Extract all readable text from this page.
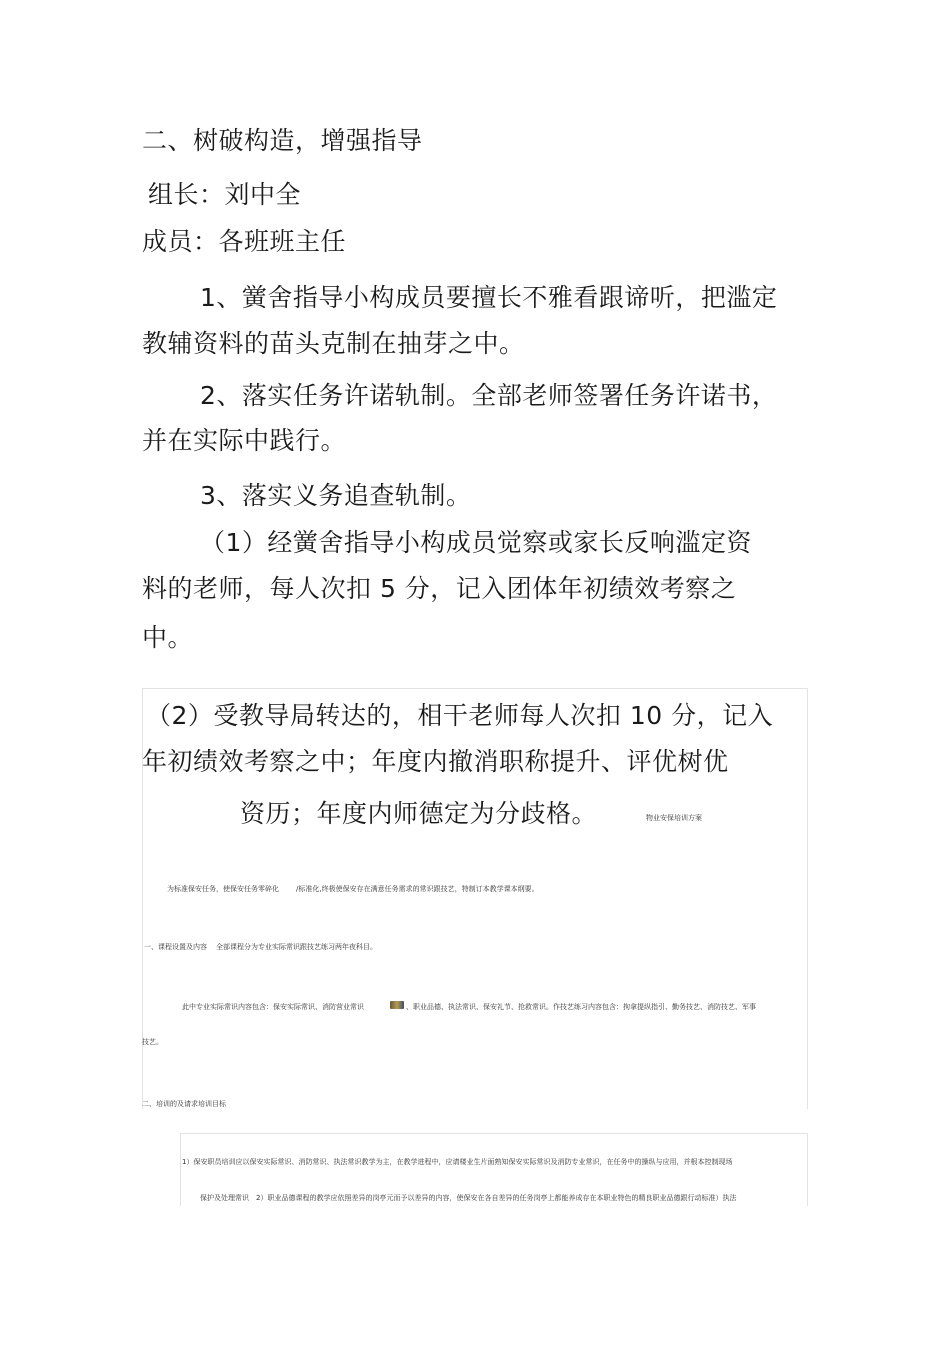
二、树破构造，增强指导
组长：刘中全
成员：各班班主任
1、黉舍指导小构成员要擅长不雅看跟谛听，把滥定
教辅资料的苗头克制在抽芽之中。
2、落实任务许诺轨制。全部老师签署任务许诺书，
并在实际中践行。
3、落实义务追查轨制。
（1）经黉舍指导小构成员觉察或家长反响滥定资
料的老师，每人次扣 5 分，记入团体年初绩效考察之
中。
（2）受教导局转达的，相干老师每人次扣 10 分，记入
年初绩效考察之中；年度内撤消职称提升、评优树优
资历；年度内师德定为分歧格。	物业安保培训方案
为标准保安任务，使保安任务零碎化 /标准化,终极使保安存在满意任务需求的常识跟技艺，特制订本教学课本纲要。
一、课程设置及内容 全部课程分为专业实际常识跟技艺练习两年夜科目。
此中专业实际常识内容包含：保安实际常识、消防营业常识	、职业品德、执法常识、保安礼节、抢救常识。作技艺练习内容包含：拘拿提纵指引、勤务技艺、消防技艺、军事
技艺。
二、培训的及请求培训目标
1）保安职员培训应以保安实际常识、消防常识、执法常识教学为主，在教学进程中，应请楼业生片面熟知保安实际常识及消防专业常识，在任务中的操纵与应用，并根本控制现场
保护及处理常识　2）职业品德课程的教学应依照差异的岗亭元而予以差异的内容，使保安在各自差异的任务岗亭上都能养成存在本职业特色的精良职业品德跟行动标准）执法
